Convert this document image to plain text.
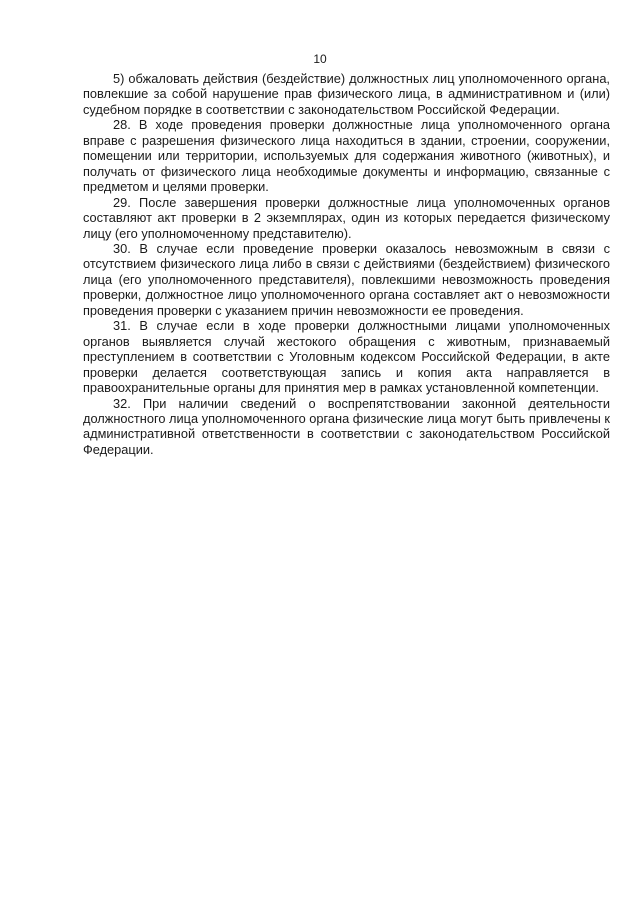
10

5) обжаловать действия (бездействие) должностных лиц уполномоченного органа, повлекшие за собой нарушение прав физического лица, в административном и (или) судебном порядке в соответствии с законодательством Российской Федерации.

28. В ходе проведения проверки должностные лица уполномоченного органа вправе с разрешения физического лица находиться в здании, строении, сооружении, помещении или территории, используемых для содержания животного (животных), и получать от физического лица необходимые документы и информацию, связанные с предметом и целями проверки.

29. После завершения проверки должностные лица уполномоченных органов составляют акт проверки в 2 экземплярах, один из которых передается физическому лицу (его уполномоченному представителю).

30. В случае если проведение проверки оказалось невозможным в связи с отсутствием физического лица либо в связи с действиями (бездействием) физического лица (его уполномоченного представителя), повлекшими невозможность проведения проверки, должностное лицо уполномоченного органа составляет акт о невозможности проведения проверки с указанием причин невозможности ее проведения.

31. В случае если в ходе проверки должностными лицами уполномоченных органов выявляется случай жестокого обращения с животным, признаваемый преступлением в соответствии с Уголовным кодексом Российской Федерации, в акте проверки делается соответствующая запись и копия акта направляется в правоохранительные органы для принятия мер в рамках установленной компетенции.

32. При наличии сведений о воспрепятствовании законной деятельности должностного лица уполномоченного органа физические лица могут быть привлечены к административной ответственности в соответствии с законодательством Российской Федерации.
